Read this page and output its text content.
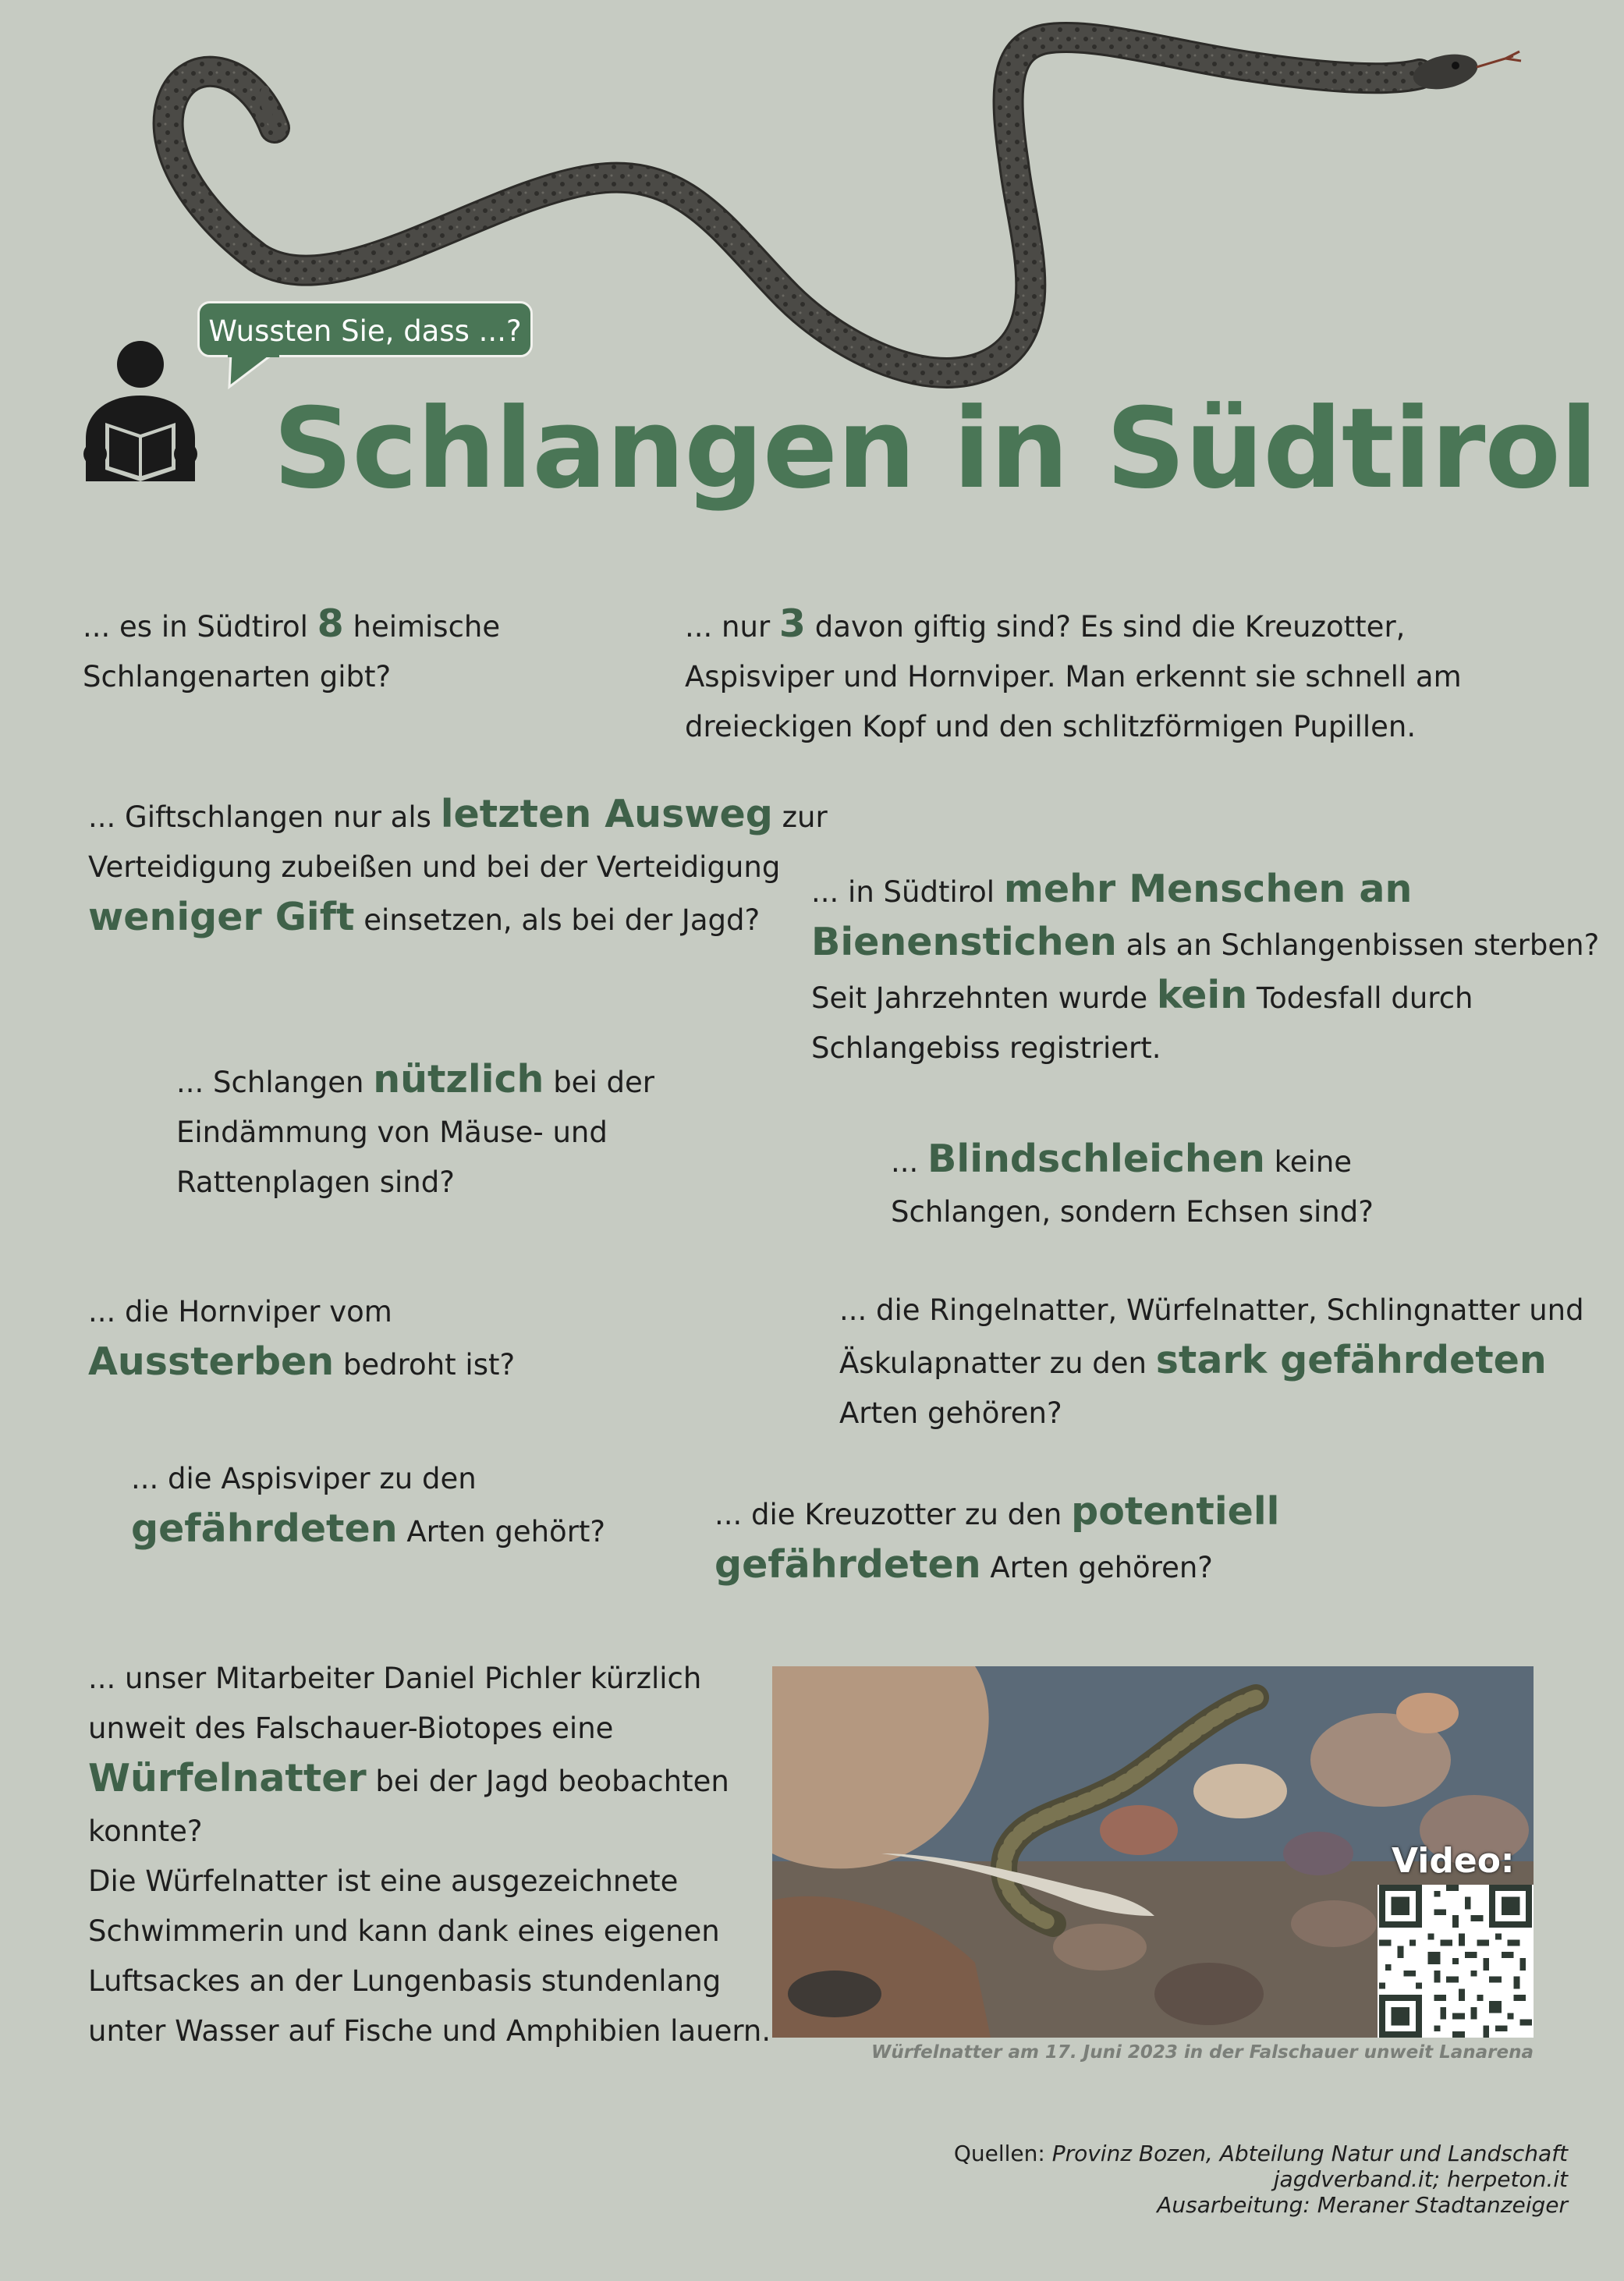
Wussten Sie, dass ...?
Schlangen in Südtirol
... es in Südtirol 8 heimische
Schlangenarten gibt?
... nur 3 davon giftig sind? Es sind die Kreuzotter,
Aspisviper und Hornviper. Man erkennt sie schnell am
dreieckigen Kopf und den schlitzförmigen Pupillen.
... Giftschlangen nur als letzten Ausweg zur
Verteidigung zubeißen und bei der Verteidigung
weniger Gift einsetzen, als bei der Jagd?
... in Südtirol mehr Menschen an
Bienenstichen als an Schlangenbissen sterben?
Seit Jahrzehnten wurde kein Todesfall durch
Schlangebiss registriert.
... Schlangen nützlich bei der
Eindämmung von Mäuse- und
Rattenplagen sind?
... Blindschleichen keine
Schlangen, sondern Echsen sind?
... die Hornviper vom
Aussterben bedroht ist?
... die Ringelnatter, Würfelnatter, Schlingnatter und
Äskulapnatter zu den stark gefährdeten
Arten gehören?
... die Aspisviper zu den
gefährdeten Arten gehört?
... die Kreuzotter zu den potentiell
gefährdeten Arten gehören?
... unser Mitarbeiter Daniel Pichler kürzlich
unweit des Falschauer-Biotopes eine
Würfelnatter bei der Jagd beobachten
konnte?
Die Würfelnatter ist eine ausgezeichnete
Schwimmerin und kann dank eines eigenen
Luftsackes an der Lungenbasis stundenlang
unter Wasser auf Fische und Amphibien lauern.
Video:
Würfelnatter am 17. Juni 2023 in der Falschauer unweit Lanarena
Quellen: Provinz Bozen, Abteilung Natur und Landschaft
jagdverband.it; herpeton.it
Ausarbeitung: Meraner Stadtanzeiger
